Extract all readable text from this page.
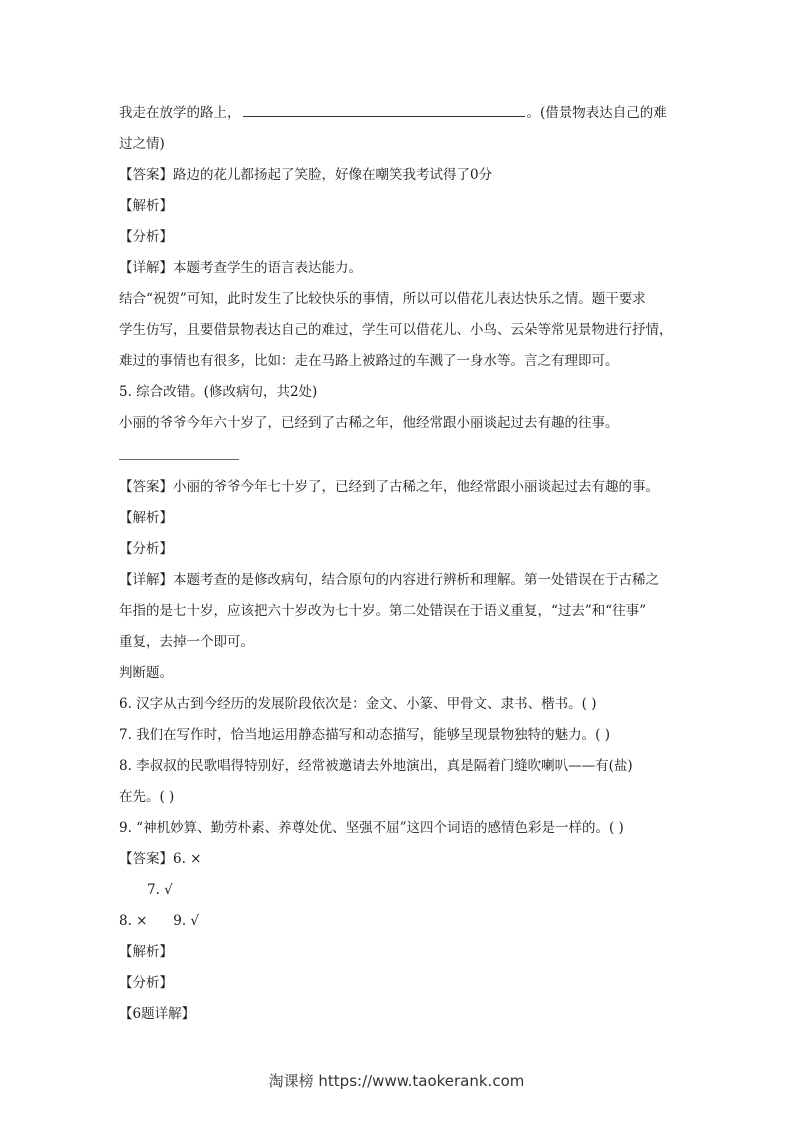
我走在放学的路上，	。(借景物表达自己的难
过之情)
【答案】路边的花儿都扬起了笑脸，好像在嘲笑我考试得了0分
【解析】
【分析】
【详解】本题考查学生的语言表达能力。
结合“祝贺”可知，此时发生了比较快乐的事情，所以可以借花儿表达快乐之情。题干要求
学生仿写，且要借景物表达自己的难过，学生可以借花儿、小鸟、云朵等常见景物进行抒情，
难过的事情也有很多，比如：走在马路上被路过的车溅了一身水等。言之有理即可。
5. 综合改错。(修改病句，共2处)
小丽的爷爷今年六十岁了，已经到了古稀之年，他经常跟小丽谈起过去有趣的往事。
【答案】小丽的爷爷今年七十岁了，已经到了古稀之年，他经常跟小丽谈起过去有趣的事。
【解析】
【分析】
【详解】本题考查的是修改病句，结合原句的内容进行辨析和理解。第一处错误在于古稀之
年指的是七十岁，应该把六十岁改为七十岁。第二处错误在于语义重复，“过去”和“往事”
重复，去掉一个即可。
判断题。
6. 汉字从古到今经历的发展阶段依次是：金文、小篆、甲骨文、隶书、楷书。( )
7. 我们在写作时，恰当地运用静态描写和动态描写，能够呈现景物独特的魅力。( )
8. 李叔叔的民歌唱得特别好，经常被邀请去外地演出，真是隔着门缝吹喇叭——有(盐)
在先。( )
9. “神机妙算、勤劳朴素、养尊处优、坚强不屈”这四个词语的感情色彩是一样的。( )
【答案】6. ×
7. √
8. ×      9. √
【解析】
【分析】
【6题详解】
淘课榜 https://www.taokerank.com
